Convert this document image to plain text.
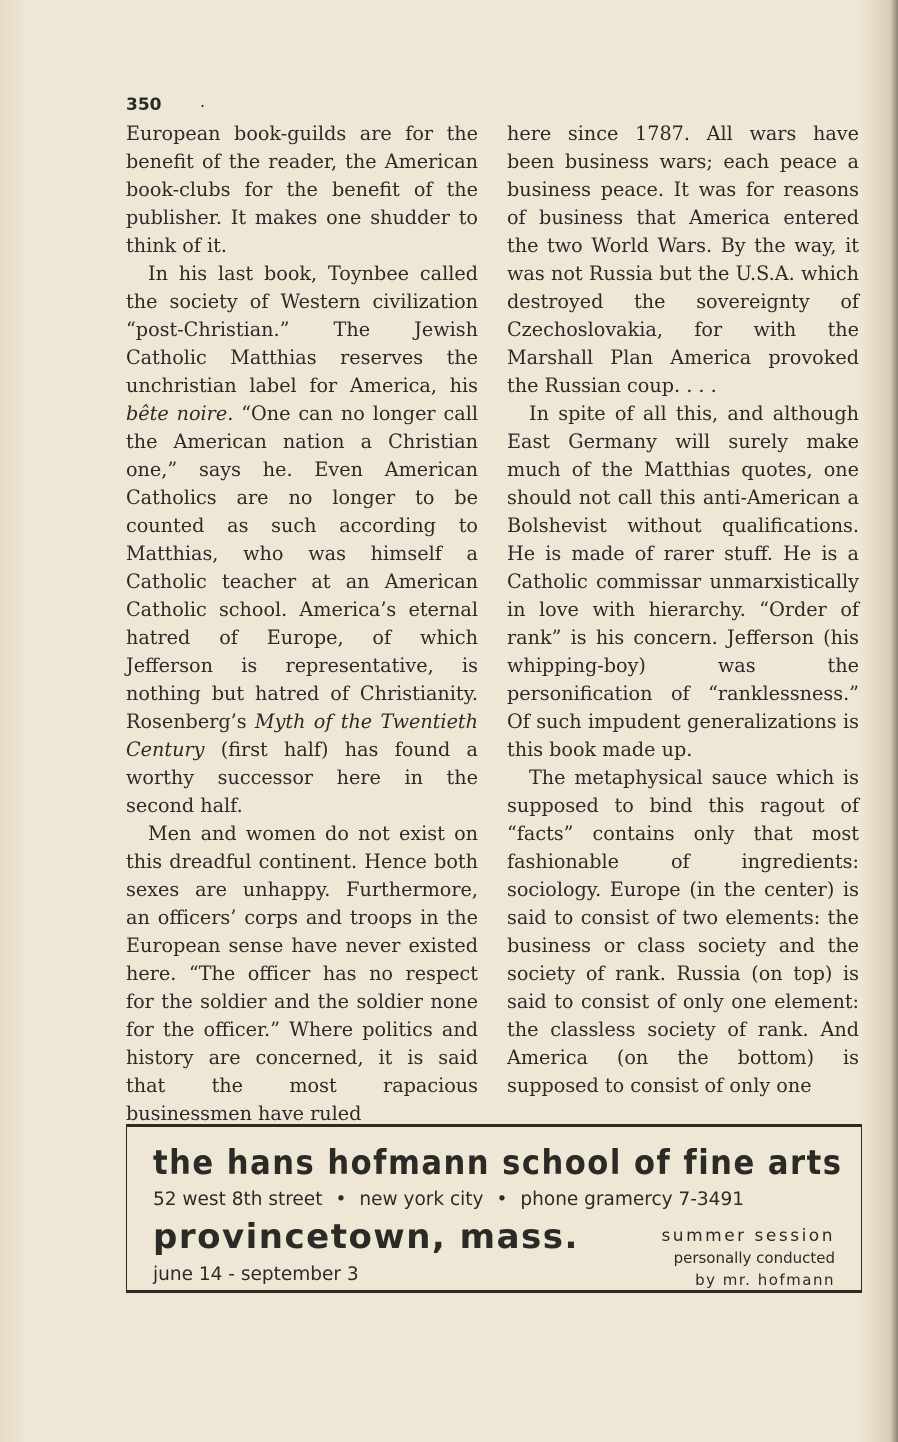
350 .

European book-guilds are for the benefit of the reader, the American book-clubs for the benefit of the publisher. It makes one shudder to think of it.

In his last book, Toynbee called the society of Western civilization “post-Christian.” The Jewish Catholic Matthias reserves the unchristian label for America, his bête noire. “One can no longer call the American nation a Christian one,” says he. Even American Catholics are no longer to be counted as such according to Matthias, who was himself a Catholic teacher at an American Catholic school. America’s eternal hatred of Europe, of which Jefferson is representative, is nothing but hatred of Christianity. Rosenberg’s Myth of the Twentieth Century (first half) has found a worthy successor here in the second half.

Men and women do not exist on this dreadful continent. Hence both sexes are unhappy. Furthermore, an officers’ corps and troops in the European sense have never existed here. “The officer has no respect for the soldier and the soldier none for the officer.” Where politics and history are concerned, it is said that the most rapacious businessmen have ruled

here since 1787. All wars have been business wars; each peace a business peace. It was for reasons of business that America entered the two World Wars. By the way, it was not Russia but the U.S.A. which destroyed the sovereignty of Czechoslovakia, for with the Marshall Plan America provoked the Russian coup. . . .

In spite of all this, and although East Germany will surely make much of the Matthias quotes, one should not call this anti-American a Bolshevist without qualifications. He is made of rarer stuff. He is a Catholic commissar unmarxistically in love with hierarchy. “Order of rank” is his concern. Jefferson (his whipping-boy) was the personification of “ranklessness.” Of such impudent generalizations is this book made up.

The metaphysical sauce which is supposed to bind this ragout of “facts” contains only that most fashionable of ingredients: sociology. Europe (in the center) is said to consist of two elements: the business or class society and the society of rank. Russia (on top) is said to consist of only one element: the classless society of rank. And America (on the bottom) is supposed to consist of only one

the hans hofmann school of fine arts
52 west 8th street • new york city • phone gramercy 7-3491
provincetown, mass.
june 14 - september 3
summer session
personally conducted
by mr. hofmann
